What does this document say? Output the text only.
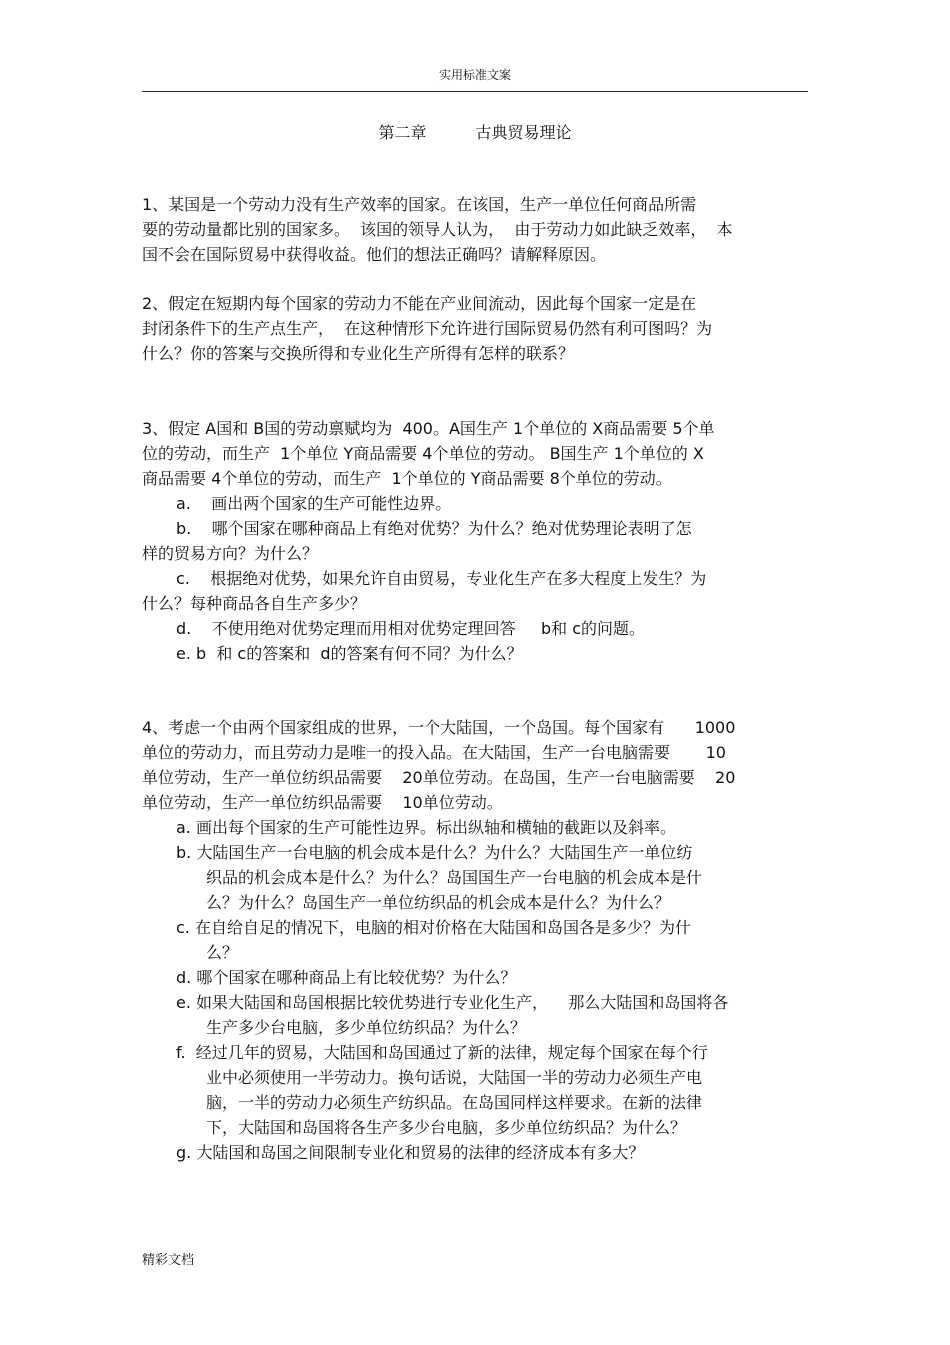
实用标准文案
第二章	古典贸易理论
1、某国是一个劳动力没有生产效率的国家。在该国，生产一单位任何商品所需
要的劳动量都比别的国家多。  该国的领导人认为，  由于劳动力如此缺乏效率，  本
国不会在国际贸易中获得收益。他们的想法正确吗？请解释原因。
2、假定在短期内每个国家的劳动力不能在产业间流动，因此每个国家一定是在
封闭条件下的生产点生产，  在这种情形下允许进行国际贸易仍然有利可图吗？为
什么？你的答案与交换所得和专业化生产所得有怎样的联系？
3、假定 A国和 B国的劳动禀赋均为  400。A国生产 1个单位的 X商品需要 5个单
位的劳动，而生产  1个单位 Y商品需要 4个单位的劳动。 B国生产 1个单位的 X
商品需要 4个单位的劳动，而生产  1个单位的 Y商品需要 8个单位的劳动。
a.    画出两个国家的生产可能性边界。
b.    哪个国家在哪种商品上有绝对优势？为什么？绝对优势理论表明了怎
样的贸易方向？为什么？
c.    根据绝对优势，如果允许自由贸易，专业化生产在多大程度上发生？为
什么？每种商品各自生产多少？
d.    不使用绝对优势定理而用相对优势定理回答     b和 c的问题。
e. b  和 c的答案和  d的答案有何不同？为什么？
4、考虑一个由两个国家组成的世界，一个大陆国，一个岛国。每个国家有      1000
单位的劳动力，而且劳动力是唯一的投入品。在大陆国，生产一台电脑需要       10
单位劳动，生产一单位纺织品需要    20单位劳动。在岛国，生产一台电脑需要    20
单位劳动，生产一单位纺织品需要    10单位劳动。
a. 画出每个国家的生产可能性边界。标出纵轴和横轴的截距以及斜率。
b. 大陆国生产一台电脑的机会成本是什么？为什么？大陆国生产一单位纺
织品的机会成本是什么？为什么？岛国国生产一台电脑的机会成本是什
么？为什么？岛国生产一单位纺织品的机会成本是什么？为什么？
c. 在自给自足的情况下，电脑的相对价格在大陆国和岛国各是多少？为什
么？
d. 哪个国家在哪种商品上有比较优势？为什么？
e. 如果大陆国和岛国根据比较优势进行专业化生产，    那么大陆国和岛国将各
生产多少台电脑，多少单位纺织品？为什么？
f.  经过几年的贸易，大陆国和岛国通过了新的法律，规定每个国家在每个行
业中必须使用一半劳动力。换句话说，大陆国一半的劳动力必须生产电
脑，一半的劳动力必须生产纺织品。在岛国同样这样要求。在新的法律
下，大陆国和岛国将各生产多少台电脑，多少单位纺织品？为什么？
g. 大陆国和岛国之间限制专业化和贸易的法律的经济成本有多大？
精彩文档
